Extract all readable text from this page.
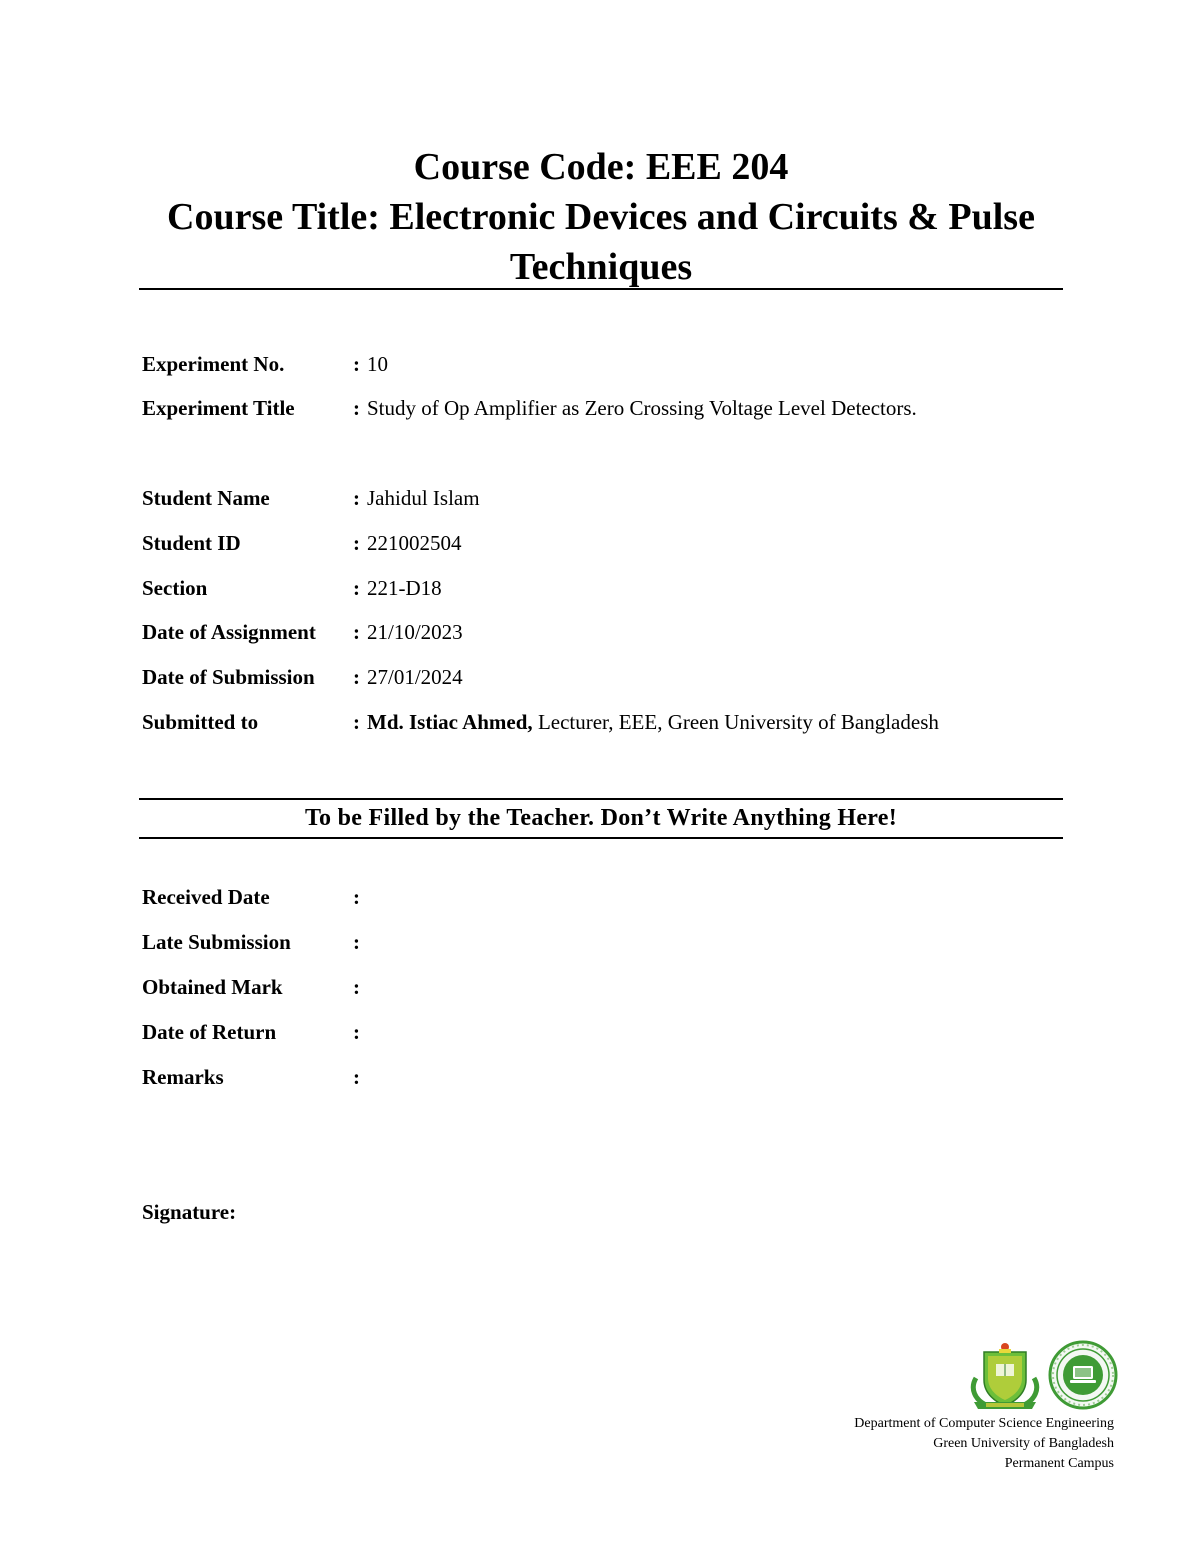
Course Code: EEE 204
Course Title: Electronic Devices and Circuits & Pulse
Techniques
Experiment No.	: 10
Experiment Title	: Study of Op Amplifier as Zero Crossing Voltage Level Detectors.
Student Name	: Jahidul Islam
Student ID	: 221002504
Section	: 221-D18
Date of Assignment : 21/10/2023
Date of Submission : 27/01/2024
Submitted to	: Md. Istiac Ahmed, Lecturer, EEE, Green University of Bangladesh
To be Filled by the Teacher. Don’t Write Anything Here!
Received Date	:
Late Submission	:
Obtained Mark	:
Date of Return	:
Remarks	:
Signature:
Department of Computer Science Engineering
Green University of Bangladesh
Permanent Campus
